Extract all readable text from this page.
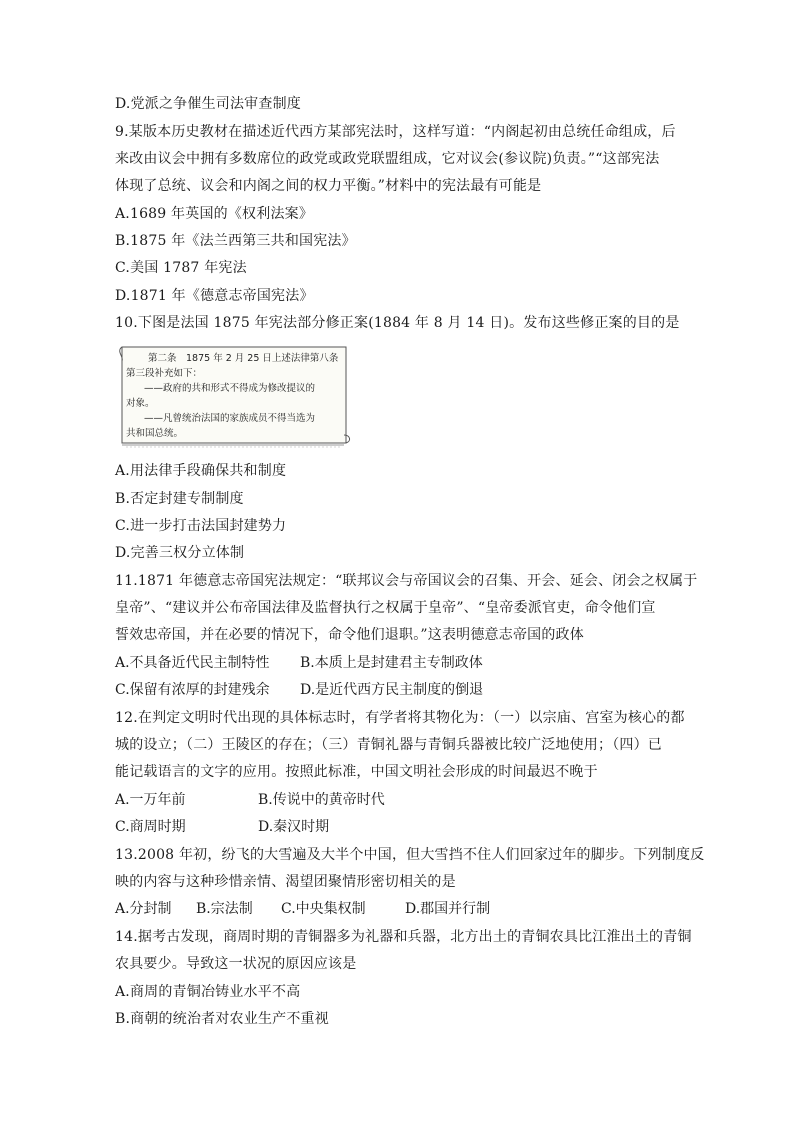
D.党派之争催生司法审查制度
9.某版本历史教材在描述近代西方某部宪法时，这样写道：“内阁起初由总统任命组成，后
来改由议会中拥有多数席位的政党或政党联盟组成，它对议会(参议院)负责。”“这部宪法
体现了总统、议会和内阁之间的权力平衡。”材料中的宪法最有可能是
A.1689 年英国的《权利法案》
B.1875 年《法兰西第三共和国宪法》
C.美国 1787 年宪法
D.1871 年《德意志帝国宪法》
10.下图是法国 1875 年宪法部分修正案(1884 年 8 月 14 日)。发布这些修正案的目的是
第二条　1875 年 2 月 25 日上述法律第八条
第三段补充如下：
——政府的共和形式不得成为修改提议的
对象。
——凡曾统治法国的家族成员不得当选为
共和国总统。
A.用法律手段确保共和制度
B.否定封建专制制度
C.进一步打击法国封建势力
D.完善三权分立体制
11.1871 年德意志帝国宪法规定：“联邦议会与帝国议会的召集、开会、延会、闭会之权属于
皇帝”、“建议并公布帝国法律及监督执行之权属于皇帝”、“皇帝委派官吏，命令他们宣
誓效忠帝国，并在必要的情况下，命令他们退职。”这表明德意志帝国的政体
A.不具备近代民主制特性 B.本质上是封建君主专制政体
C.保留有浓厚的封建残余 D.是近代西方民主制度的倒退
12.在判定文明时代出现的具体标志时，有学者将其物化为：（一）以宗庙、宫室为核心的都
城的设立；（二）王陵区的存在；（三）青铜礼器与青铜兵器被比较广泛地使用；（四）已
能记载语言的文字的应用。按照此标准，中国文明社会形成的时间最迟不晚于
A.一万年前	B.传说中的黄帝时代
C.商周时期	D.秦汉时期
13.2008 年初，纷飞的大雪遍及大半个中国，但大雪挡不住人们回家过年的脚步。下列制度反
映的内容与这种珍惜亲情、渴望团聚情形密切相关的是
A.分封制 B.宗法制 C.中央集权制	D.郡国并行制
14.据考古发现，商周时期的青铜器多为礼器和兵器，北方出土的青铜农具比江淮出土的青铜
农具要少。导致这一状况的原因应该是
A.商周的青铜冶铸业水平不高
B.商朝的统治者对农业生产不重视
